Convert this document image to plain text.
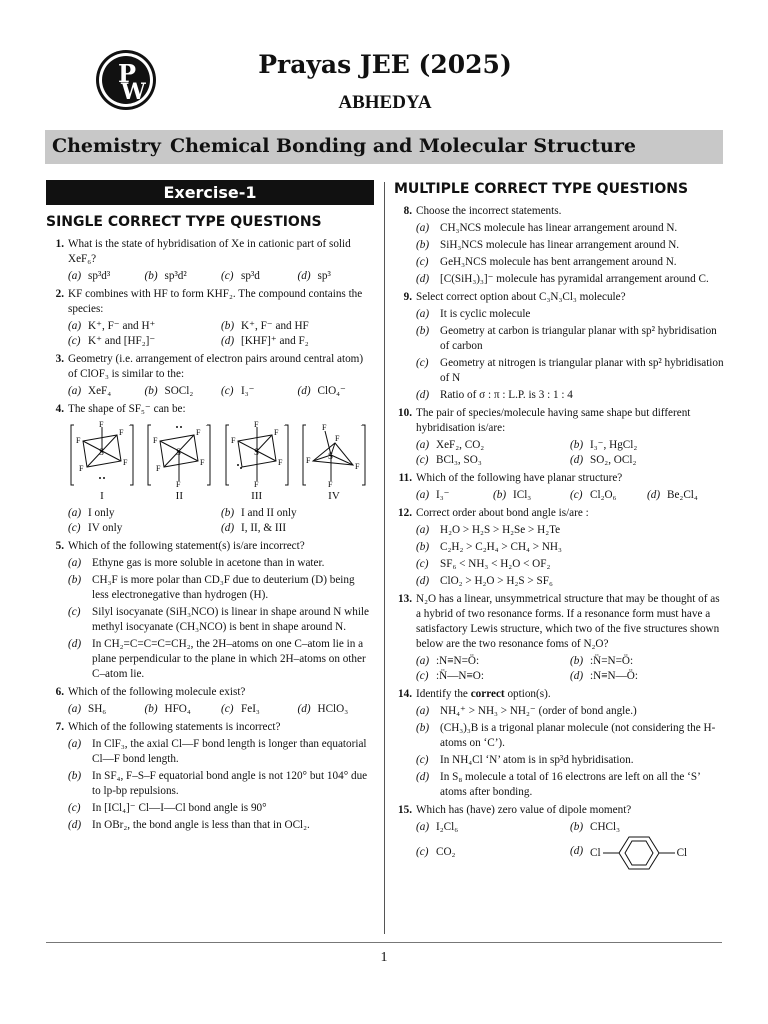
P
W
Prayas JEE (2025)
ABHEDYA
Chemistry Chemical Bonding and Molecular Structure
Exercise-1
SINGLE CORRECT TYPE QUESTIONS
1. What is the state of hybridisation of Xe in cationic part of solid XeF₆?
(a) sp³d³	(b) sp³d²	(c) sp³d	(d) sp³
2. KF combines with HF to form KHF₂. The compound contains the species:
(a) K⁺, F⁻ and H⁺	(b) K⁺, F⁻ and HF
(c) K⁺ and [HF₂]⁻	(d) [KHF]⁺ and F₂
3. Geometry (i.e. arrangement of electron pairs around central atom) of ClOF₃ is similar to the:
(a) XeF₄	(b) SOCl₂	(c) I₃⁻	(d) ClO₄⁻
4. The shape of SF₅⁻ can be:
S
F
F
F
F
F
–
I
S
F
F
F
F
F
–
II
S
F
F
F
F
F
–
III
S
F
F
F
F
F
–
IV
(a) I only	(b) I and II only
(c) IV only	(d) I, II, & III
5. Which of the following statement(s) is/are incorrect?
(a) Ethyne gas is more soluble in acetone than in water.
(b) CH₃F is more polar than CD₃F due to deuterium (D) being less electronegative than hydrogen (H).
(c) Silyl isocyanate (SiH₃NCO) is linear in shape around N while methyl isocyanate (CH₃NCO) is bent in shape around N.
(d) In CH₂=C=C=C=CH₂, the 2H–atoms on one C–atom lie in a plane perpendicular to the plane in which 2H–atoms on other C–atom lie.
6. Which of the following molecule exist?
(a) SH₆	(b) HFO₄	(c) FeI₃	(d) HClO₃
7. Which of the following statements is incorrect?
(a) In ClF₃, the axial Cl—F bond length is longer than equatorial Cl—F bond length.
(b) In SF₄, F–S–F equatorial bond angle is not 120° but 104° due to lp-bp repulsions.
(c) In [ICl₄]⁻ Cl—I—Cl bond angle is 90°
(d) In OBr₂, the bond angle is less than that in OCl₂.
MULTIPLE CORRECT TYPE QUESTIONS
8. Choose the incorrect statements.
(a) CH₃NCS molecule has linear arrangement around N.
(b) SiH₃NCS molecule has linear arrangement around N.
(c) GeH₃NCS molecule has bent arrangement around N.
(d) [C(SiH₃)₃]⁻ molecule has pyramidal arrangement around C.
9. Select correct option about C₃N₃Cl₃ molecule?
(a) It is cyclic molecule
(b) Geometry at carbon is triangular planar with sp² hybridisation of carbon
(c) Geometry at nitrogen is triangular planar with sp² hybridisation of N
(d) Ratio of σ : π : L.P. is 3 : 1 : 4
10. The pair of species/molecule having same shape but different hybridisation is/are:
(a) XeF₂, CO₂	(b) I₃⁻, HgCl₂
(c) BCl₃, SO₃	(d) SO₂, OCl₂
11. Which of the following have planar structure?
(a) I₃⁻	(b) ICl₃	(c) Cl₂O₆	(d) Be₂Cl₄
12. Correct order about bond angle is/are :
(a) H₂O > H₂S > H₂Se > H₂Te
(b) C₂H₂ > C₂H₄ > CH₄ > NH₃
(c) SF₆ < NH₃ < H₂O < OF₂
(d) ClO₂ > H₂O > H₂S > SF₆
13. N₂O has a linear, unsymmetrical structure that may be thought of as a hybrid of two resonance forms. If a resonance form must have a satisfactory Lewis structure, which two of the five structures shown below are the two resonance foms of N₂O?
(a) :N≡N=Ö:	(b) :N̈=N=Ö:
(c) :N̈—N≡O:	(d) :N≡N—Ö:
14. Identify the correct option(s).
(a) NH₄⁺ > NH₃ > NH₂⁻ (order of bond angle.)
(b) (CH₃)₃B is a trigonal planar molecule (not considering the H-atoms on ‘C’).
(c) In NH₄Cl ‘N’ atom is in sp³d hybridisation.
(d) In S₈ molecule a total of 16 electrons are left on all the ‘S’ atoms after bonding.
15. Which has (have) zero value of dipole moment?
(a) I₂Cl₆	(b) CHCl₃
(c) CO₂	(d) Cl	Cl
1
